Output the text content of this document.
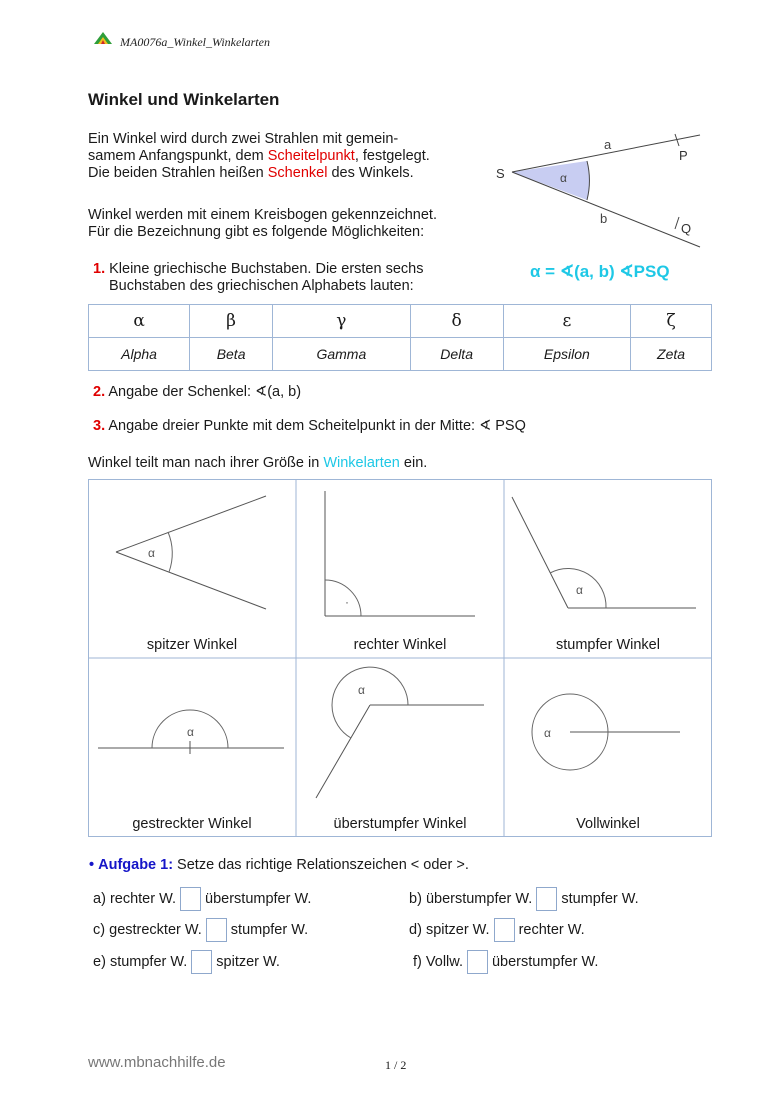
MA0076a_Winkel_Winkelarten
Winkel und Winkelarten
Ein Winkel wird durch zwei Strahlen mit gemein-
samem Anfangspunkt, dem Scheitelpunkt, festgelegt.
Die beiden Strahlen heißen Schenkel des Winkels.
Winkel werden mit einem Kreisbogen gekennzeichnet.
Für die Bezeichnung gibt es folgende Möglichkeiten:
S
P
Q
a
b
α
1. Kleine griechische Buchstaben. Die ersten sechs
Buchstaben des griechischen Alphabets lauten:
α = ∢(a, b) ∢PSQ
α	β	γ	δ	ε	ζ
Alpha	Beta	Gamma	Delta	Epsilon	Zeta
2. Angabe der Schenkel: ∢(a, b)
3. Angabe dreier Punkte mit dem Scheitelpunkt in der Mitte: ∢ PSQ
Winkel teilt man nach ihrer Größe in Winkelarten ein.
α
·
α
α
α
α
spitzer Winkel	rechter Winkel	stumpfer Winkel
gestreckter Winkel	überstumpfer Winkel	Vollwinkel
• Aufgabe 1: Setze das richtige Relationszeichen < oder >.
a)
rechter W. überstumpfer W.	b)
überstumpfer W. stumpfer W.
c)
gestreckter W. stumpfer W.	d)
spitzer W. rechter W.
e)
stumpfer W. spitzer W.	f)
Vollw. überstumpfer W.
www.mbnachhilfe.de	1 / 2
